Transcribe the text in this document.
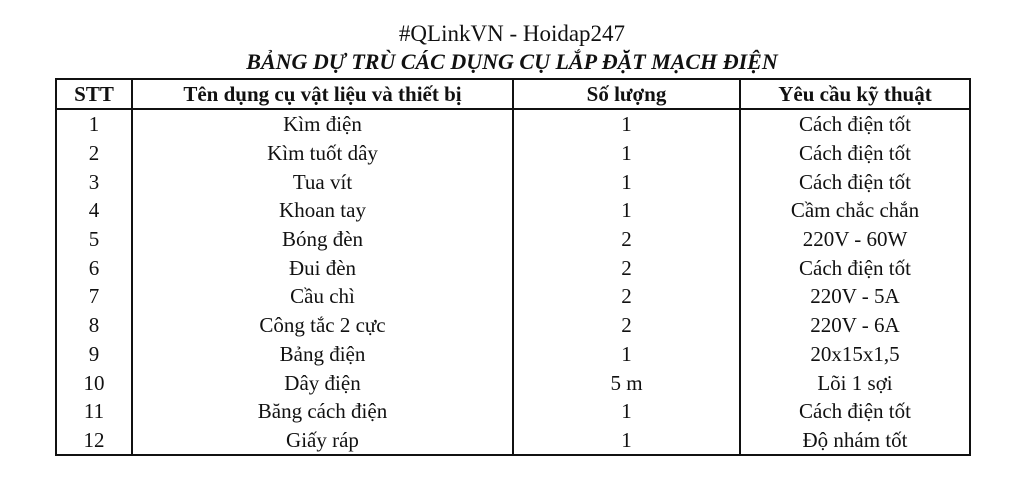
#QLinkVN - Hoidap247
BẢNG DỰ TRÙ CÁC DỤNG CỤ LẮP ĐẶT MẠCH ĐIỆN
STT	Tên dụng cụ vật liệu và thiết bị	Số lượng	Yêu cầu kỹ thuật
1	Kìm điện	1	Cách điện tốt
2	Kìm tuốt dây	1	Cách điện tốt
3	Tua vít	1	Cách điện tốt
4	Khoan tay	1	Cầm chắc chắn
5	Bóng đèn	2	220V - 60W
6	Đui đèn	2	Cách điện tốt
7	Cầu chì	2	220V - 5A
8	Công tắc 2 cực	2	220V - 6A
9	Bảng điện	1	20x15x1,5
10	Dây điện	5 m	Lõi 1 sợi
11	Băng cách điện	1	Cách điện tốt
12	Giấy ráp	1	Độ nhám tốt
